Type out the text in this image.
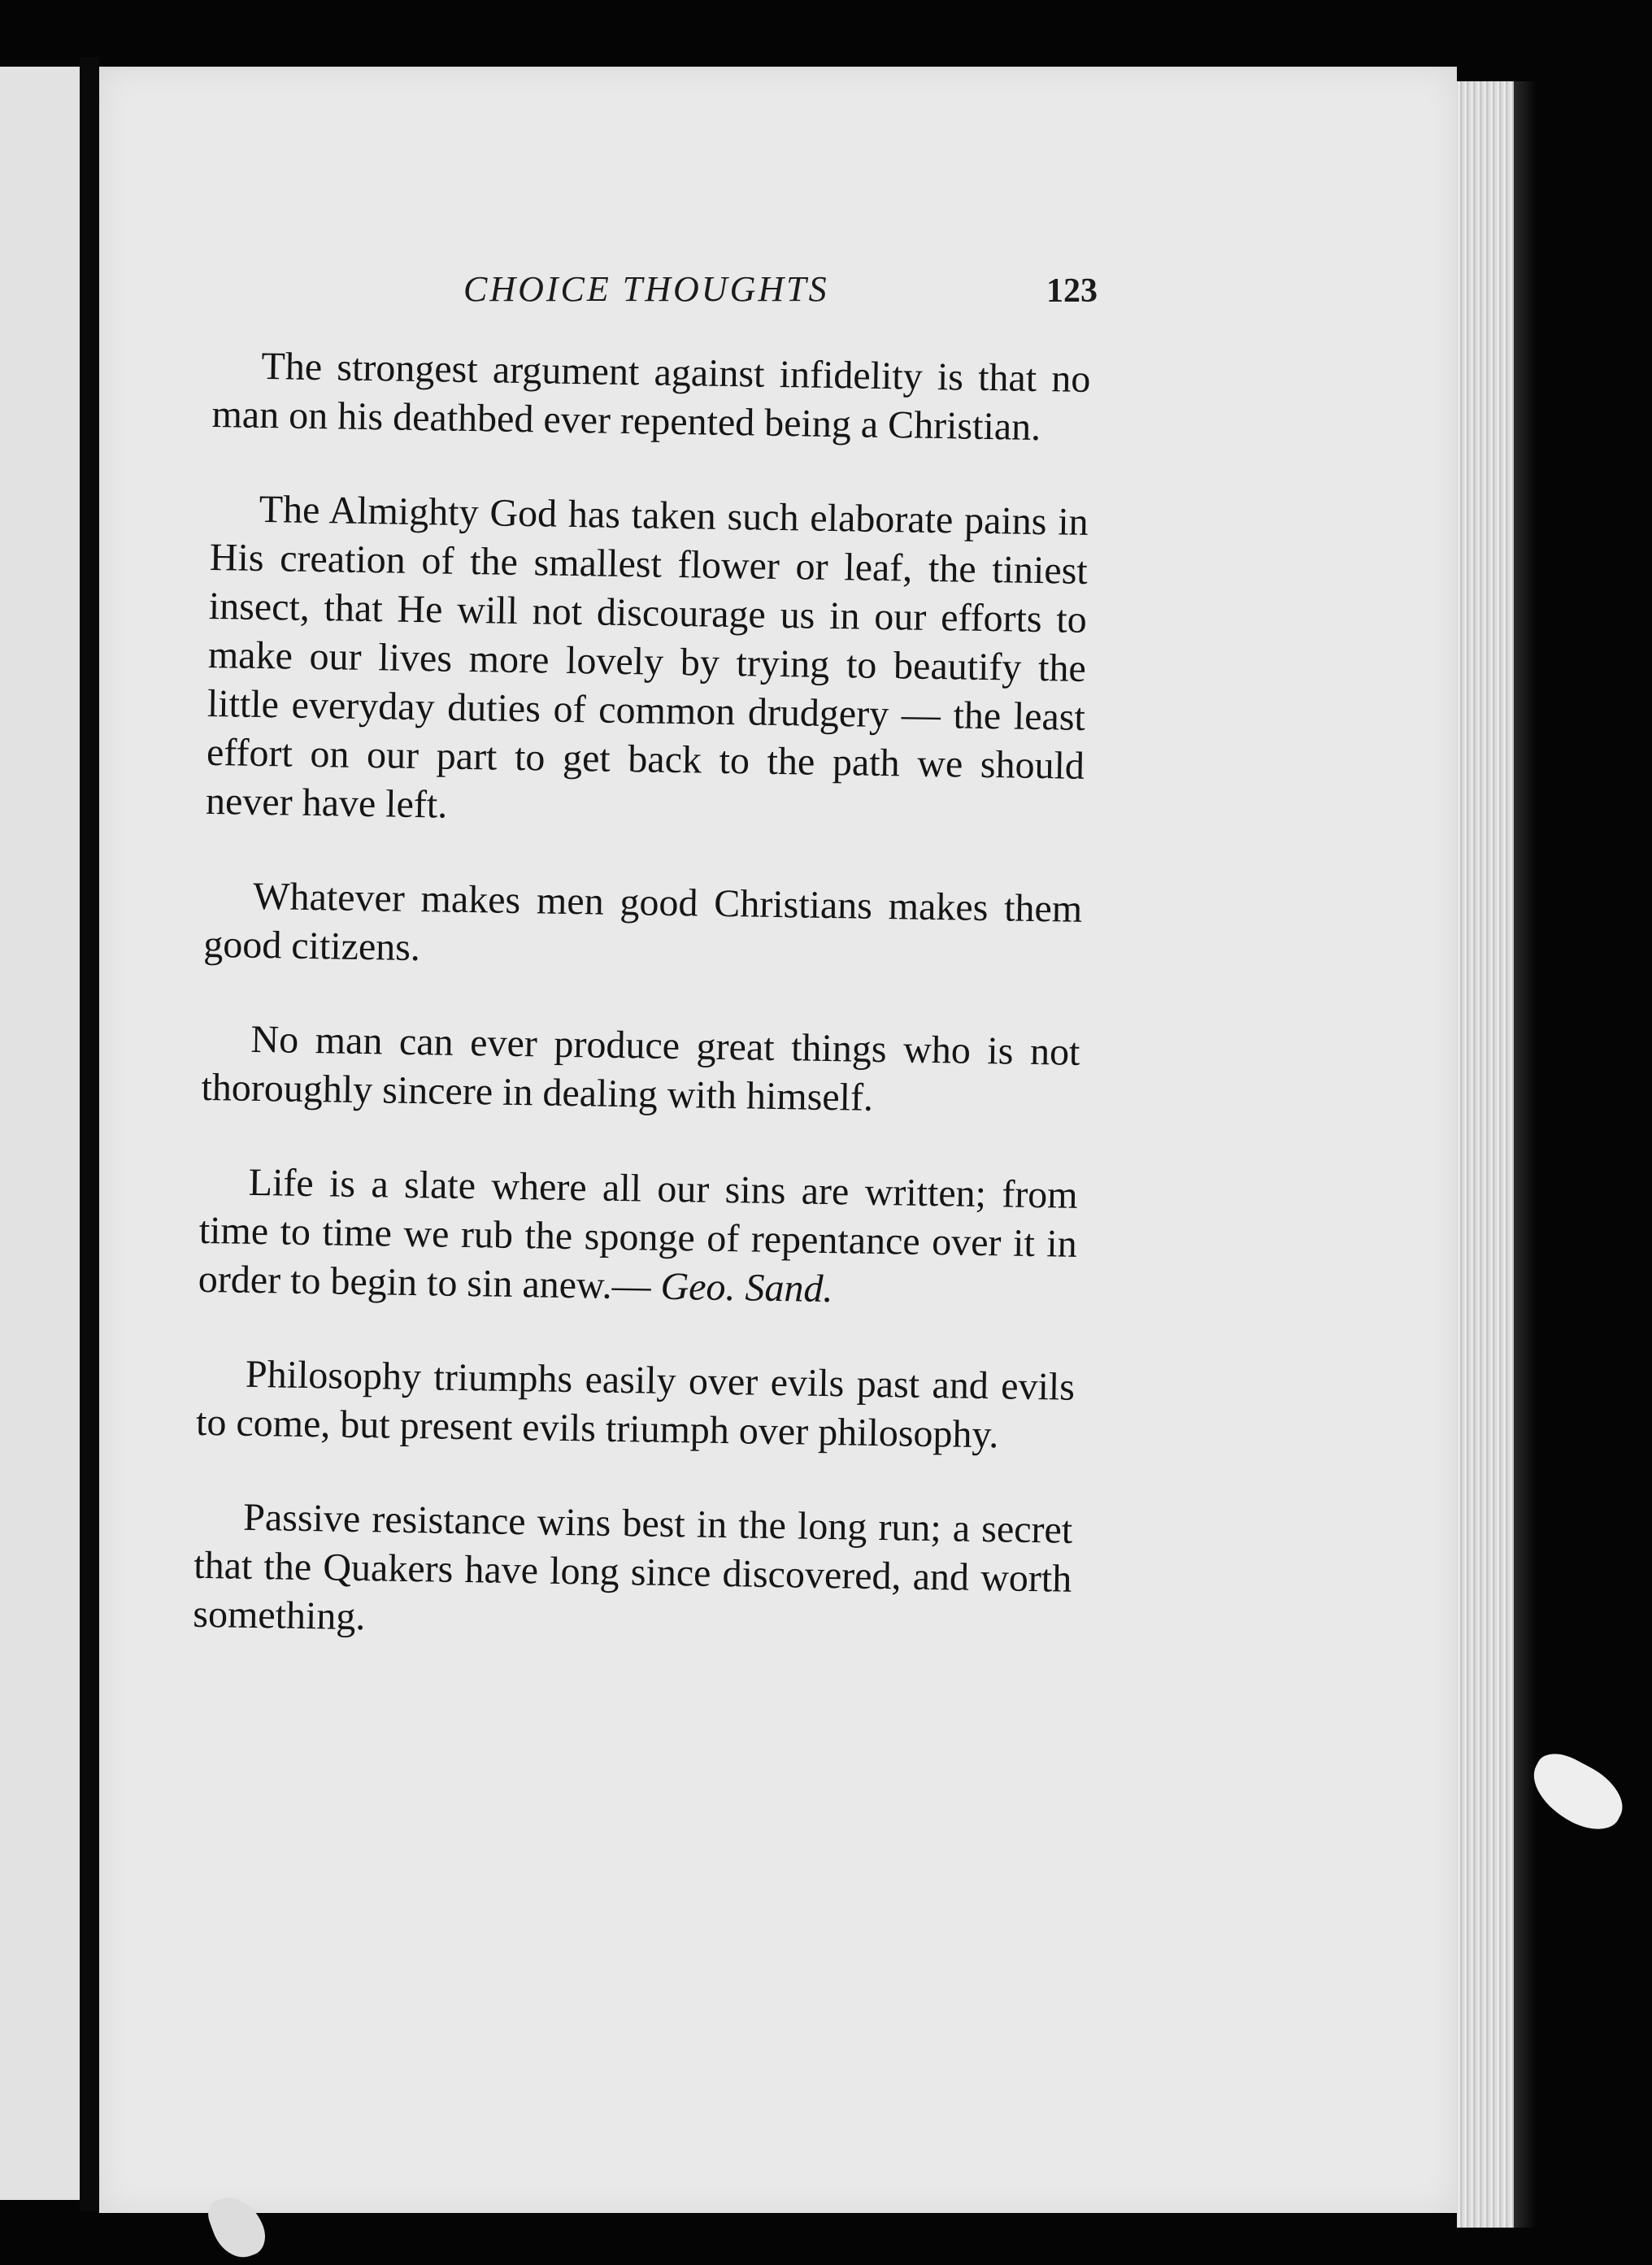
CHOICE THOUGHTS	123

The strongest argument against infidelity is that no man on his deathbed ever repented being a Christian.

The Almighty God has taken such elaborate pains in His creation of the smallest flower or leaf, the tiniest insect, that He will not discourage us in our efforts to make our lives more lovely by trying to beautify the little everyday duties of common drudgery — the least effort on our part to get back to the path we should never have left.

Whatever makes men good Christians makes them good citizens.

No man can ever produce great things who is not thoroughly sincere in dealing with himself.

Life is a slate where all our sins are written; from time to time we rub the sponge of repentance over it in order to begin to sin anew.— Geo. Sand.

Philosophy triumphs easily over evils past and evils to come, but present evils triumph over philosophy.

Passive resistance wins best in the long run; a secret that the Quakers have long since discovered, and worth something.
